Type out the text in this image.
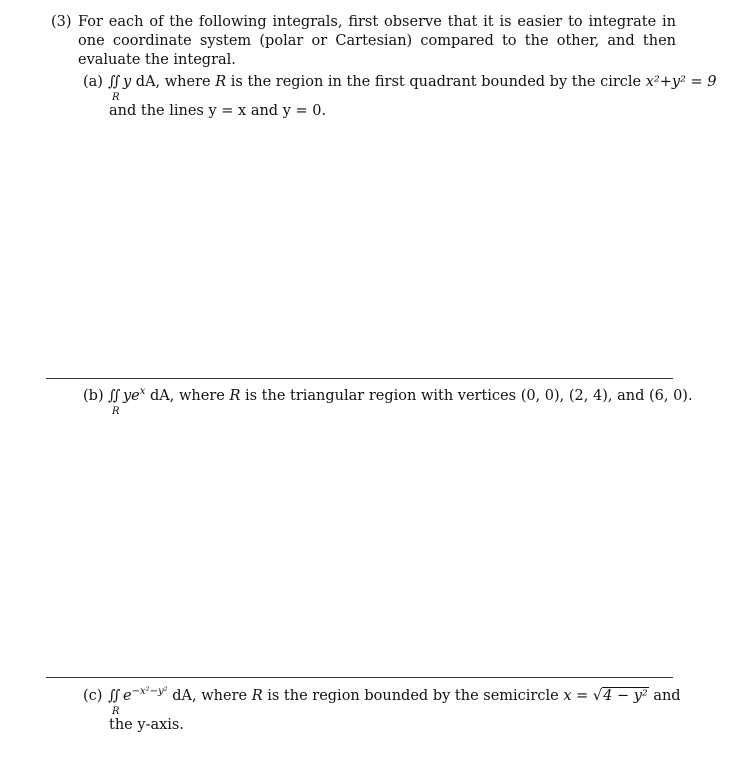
(3) For each of the following integrals, first observe that it is easier to integrate in one coordinate system (polar or Cartesian) compared to the other, and then evaluate the integral.
(a) ∬ y dA, where R is the region in the first quadrant bounded by the circle x²+y² = 9
R
and the lines y = x and y = 0.
(b) ∬ $ye^x$ dA, where R is the triangular region with vertices (0, 0), (2, 4), and (6, 0).
R
(c) ∬ $e^{-x^2-y^2}$ dA, where R is the region bounded by the semicircle x = √4 − y² and
R
the y-axis.
